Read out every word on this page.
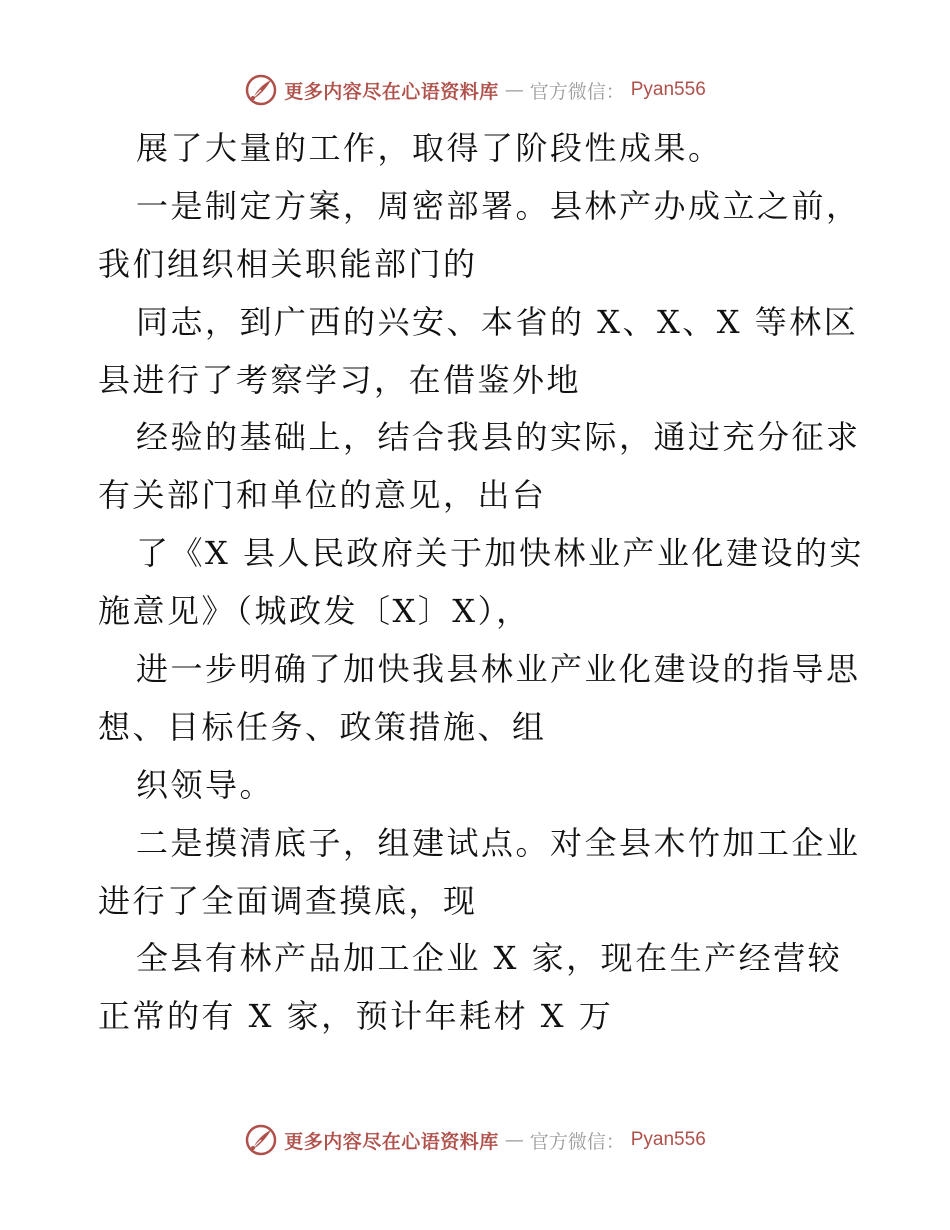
更多内容尽在心语资料库 — 官方微信： Pyan556
展了大量的工作，取得了阶段性成果。
一是制定方案，周密部署。县林产办成立之前，
我们组织相关职能部门的
同志，到广西的兴安、本省的 X、X、X 等林区
县进行了考察学习，在借鉴外地
经验的基础上，结合我县的实际，通过充分征求
有关部门和单位的意见，出台
了《X 县人民政府关于加快林业产业化建设的实
施意见》（城政发〔X〕X），
进一步明确了加快我县林业产业化建设的指导思
想、目标任务、政策措施、组
织领导。
二是摸清底子，组建试点。对全县木竹加工企业
进行了全面调查摸底，现
全县有林产品加工企业 X 家，现在生产经营较
正常的有 X 家，预计年耗材 X 万
更多内容尽在心语资料库 — 官方微信： Pyan556
